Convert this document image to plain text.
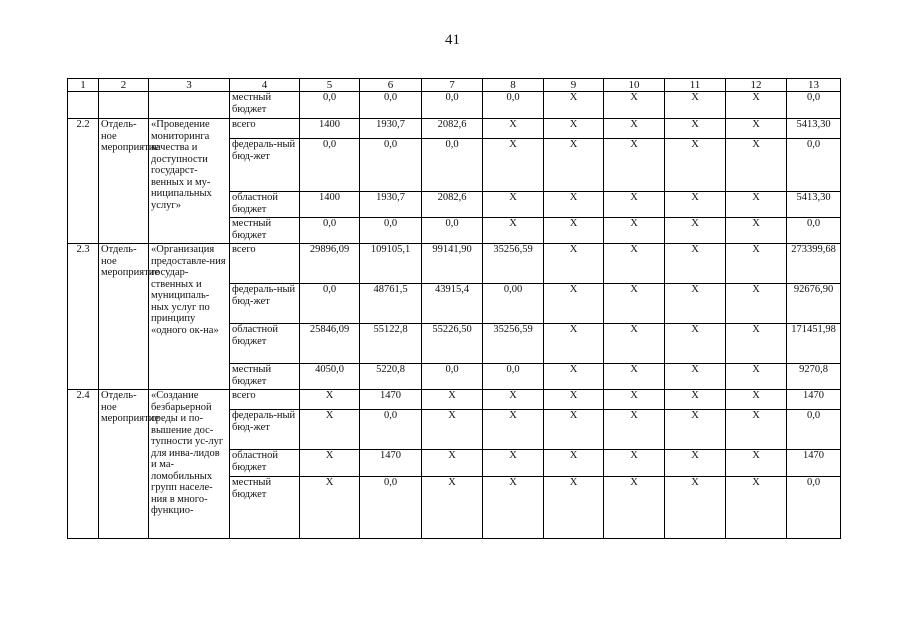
41
1	2	3	4	5	6	7	8	9	10	11	12	13
			местный бюджет	0,0	0,0	0,0	0,0	X	X	X	X	0,0
2.2	Отдель-ное мероприятие	«Проведение мониторинга качества и доступности государст-венных и му-ниципальных услуг»	всего	1400	1930,7	2082,6	X	X	X	X	X	5413,30
			федераль-ный бюд-жет	0,0	0,0	0,0	X	X	X	X	X	0,0
			областной бюджет	1400	1930,7	2082,6	X	X	X	X	X	5413,30
			местный бюджет	0,0	0,0	0,0	X	X	X	X	X	0,0
2.3	Отдель-ное мероприятие	«Организация предоставле-ния государ-ственных и муниципаль-ных услуг по принципу «одного ок-на»	всего	29896,09	109105,1	99141,90	35256,59	X	X	X	X	273399,68
			федераль-ный бюд-жет	0,0	48761,5	43915,4	0,00	X	X	X	X	92676,90
			областной бюджет	25846,09	55122,8	55226,50	35256,59	X	X	X	X	171451,98
			местный бюджет	4050,0	5220,8	0,0	0,0	X	X	X	X	9270,8
2.4	Отдель-ное мероприятие	«Создание безбарьерной среды и по-вышение дос-тупности ус-луг для инва-лидов и ма-ломобильных групп населе-ния в много-функцио-	всего	X	1470	X	X	X	X	X	X	1470
			федераль-ный бюд-жет	X	0,0	X	X	X	X	X	X	0,0
			областной бюджет	X	1470	X	X	X	X	X	X	1470
			местный бюджет	X	0,0	X	X	X	X	X	X	0,0
